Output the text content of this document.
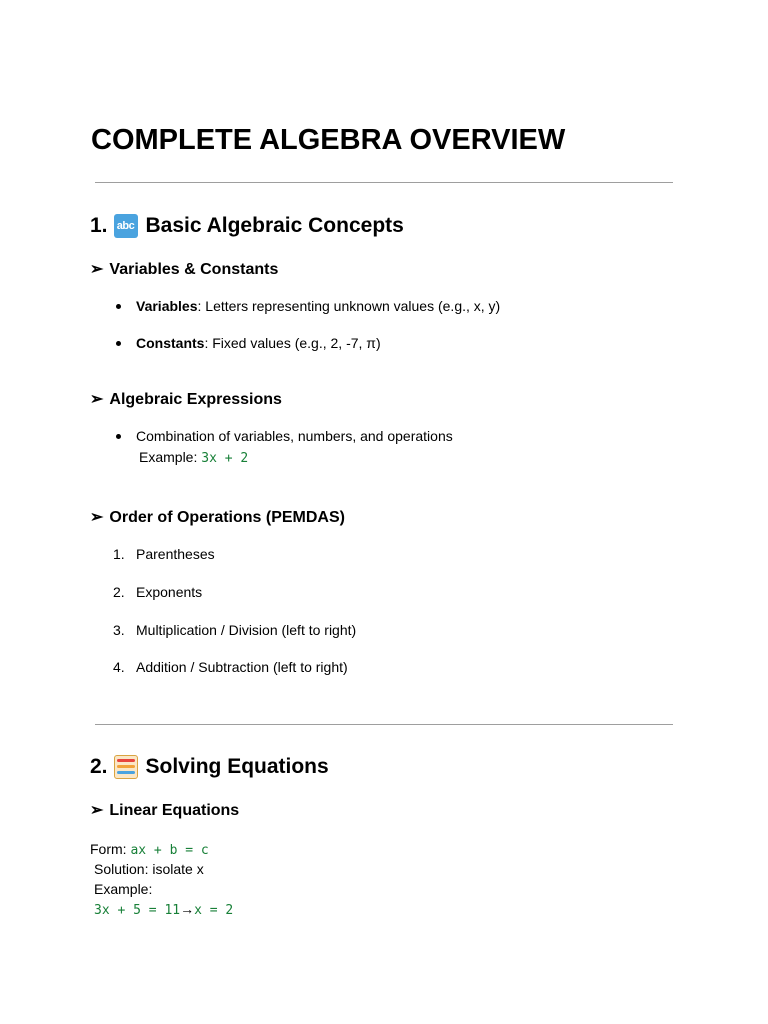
COMPLETE ALGEBRA OVERVIEW
1. abc Basic Algebraic Concepts
➢ Variables & Constants
Variables: Letters representing unknown values (e.g., x, y)
Constants: Fixed values (e.g., 2, -7, π)
➢ Algebraic Expressions
Combination of variables, numbers, and operations
Example: 3x + 2
➢ Order of Operations (PEMDAS)
1. Parentheses
2. Exponents
3. Multiplication / Division (left to right)
4. Addition / Subtraction (left to right)
2. Solving Equations
➢ Linear Equations
Form: ax + b = c
Solution: isolate x
Example:
3x + 5 = 11→x = 2
